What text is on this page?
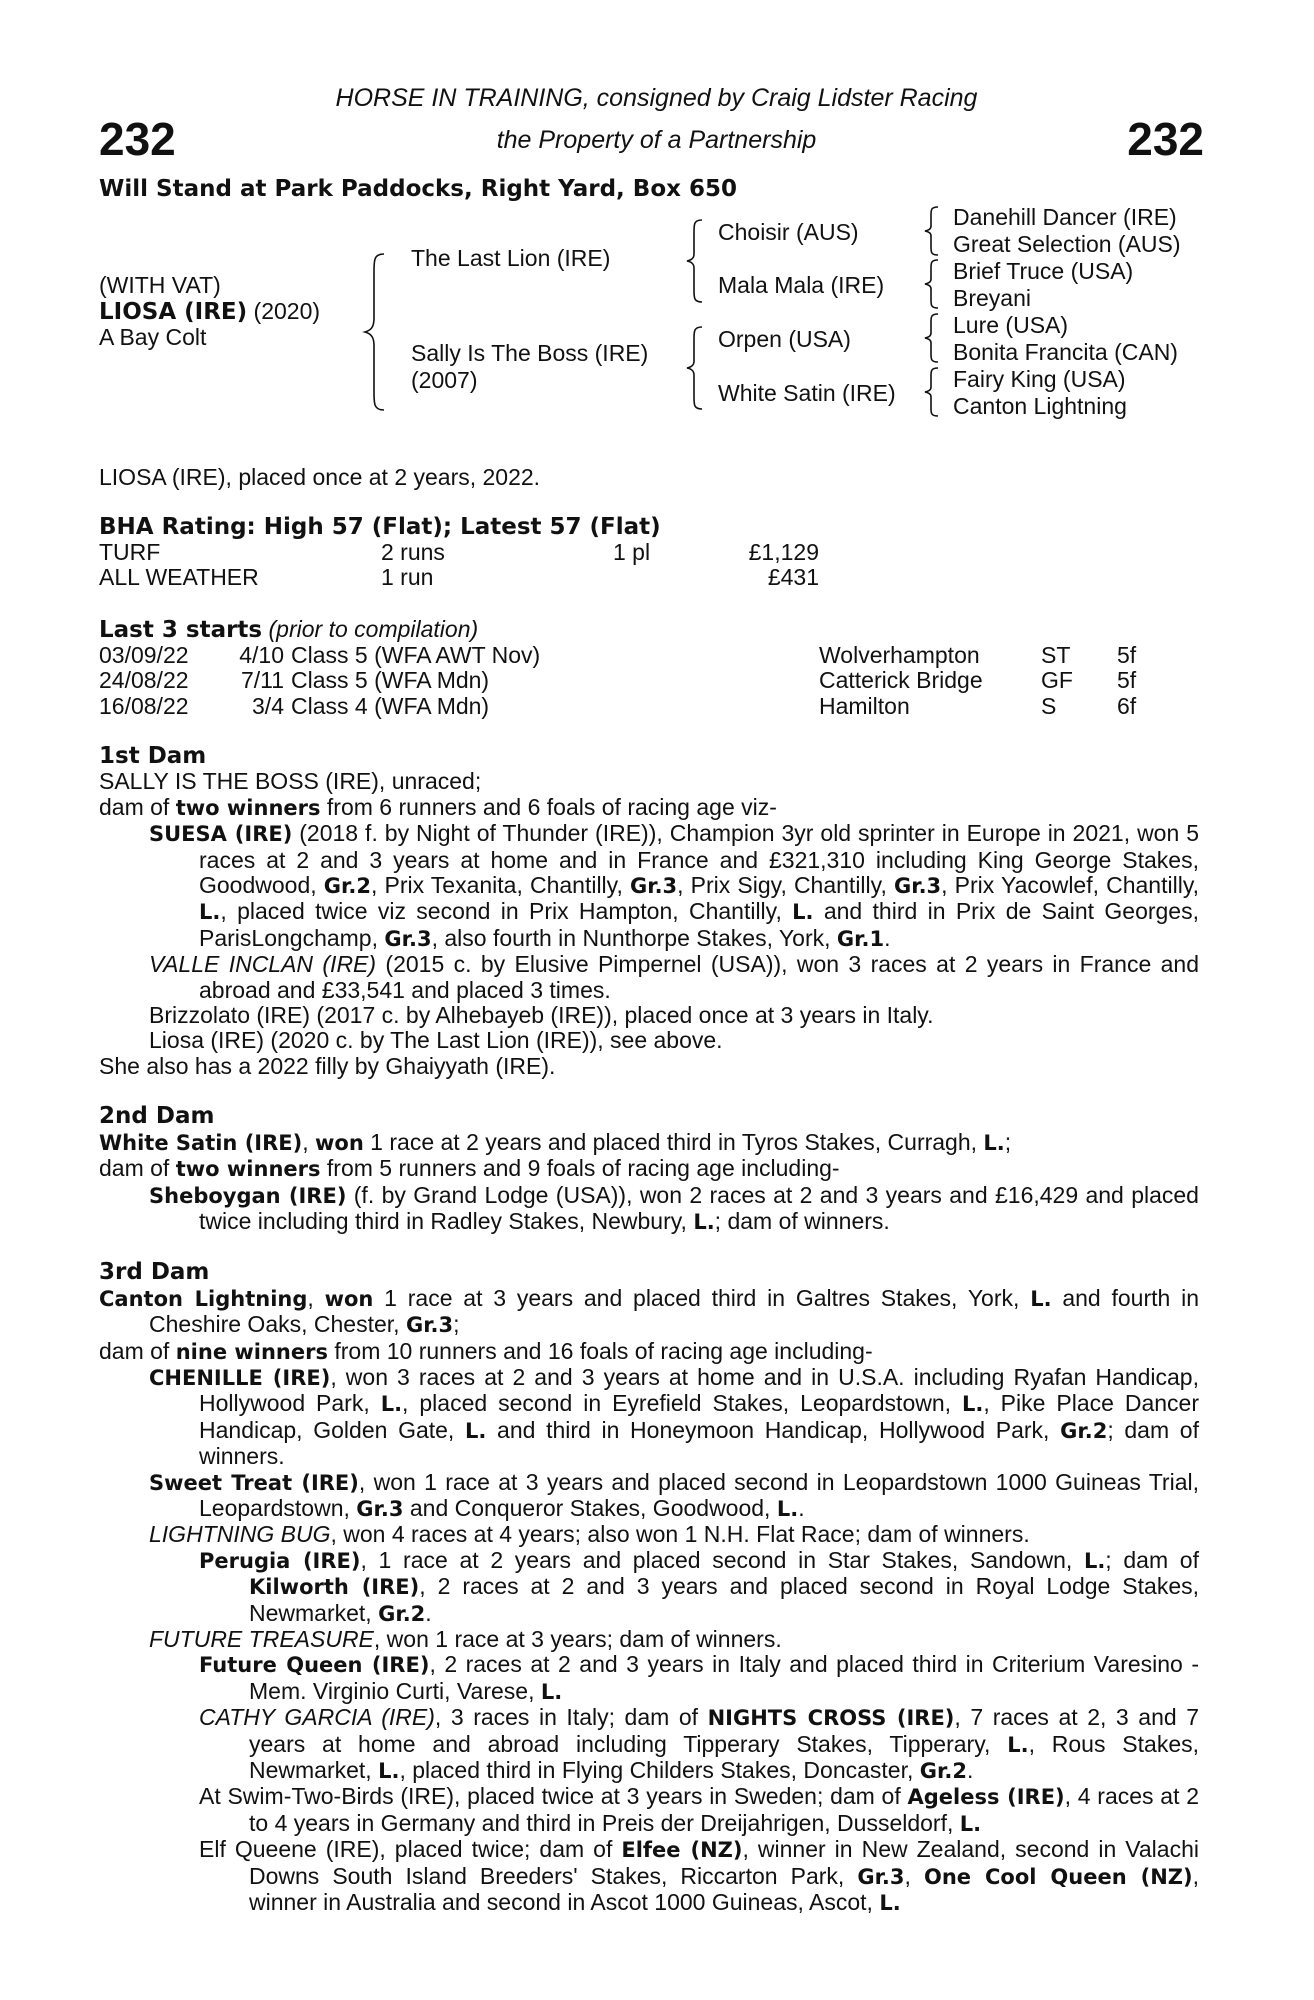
232	232
HORSE IN TRAINING, consigned by Craig Lidster Racing
the Property of a Partnership
Will Stand at Park Paddocks, Right Yard, Box 650
(WITH VAT)
LIOSA (IRE) (2020)
A Bay Colt
The Last Lion (IRE)
Sally Is The Boss (IRE)
(2007)
Choisir (AUS)
Mala Mala (IRE)
Orpen (USA)
White Satin (IRE)
Danehill Dancer (IRE)
Great Selection (AUS)
Brief Truce (USA)
Breyani
Lure (USA)
Bonita Francita (CAN)
Fairy King (USA)
Canton Lightning
LIOSA (IRE), placed once at 2 years, 2022.
BHA Rating: High 57 (Flat); Latest 57 (Flat)
TURF	2 runs	1 pl	£1,129
ALL WEATHER	1 run	£431
Last 3 starts (prior to compilation)
03/09/22	4/10 Class 5 (WFA AWT Nov)	Wolverhampton	ST 5f
24/08/22	7/11 Class 5 (WFA Mdn)	Catterick Bridge	GF 5f
16/08/22	3/4 Class 4 (WFA Mdn)	Hamilton	S	6f

1st Dam

SALLY IS THE BOSS (IRE), unraced;

dam of two winners from 6 runners and 6 foals of racing age viz-

SUESA (IRE) (2018 f. by Night of Thunder (IRE)), Champion 3yr old sprinter in Europe in 2021, won 5 races at 2 and 3 years at home and in France and £321,310 including King George Stakes, Goodwood, Gr.2, Prix Texanita, Chantilly, Gr.3, Prix Sigy, Chantilly, Gr.3, Prix Yacowlef, Chantilly, L., placed twice viz second in Prix Hampton, Chantilly, L. and third in Prix de Saint Georges, ParisLongchamp, Gr.3, also fourth in Nunthorpe Stakes, York, Gr.1.

VALLE INCLAN (IRE) (2015 c. by Elusive Pimpernel (USA)), won 3 races at 2 years in France and abroad and £33,541 and placed 3 times.

Brizzolato (IRE) (2017 c. by Alhebayeb (IRE)), placed once at 3 years in Italy.

Liosa (IRE) (2020 c. by The Last Lion (IRE)), see above.

She also has a 2022 filly by Ghaiyyath (IRE).

2nd Dam

White Satin (IRE), won 1 race at 2 years and placed third in Tyros Stakes, Curragh, L.;

dam of two winners from 5 runners and 9 foals of racing age including-

Sheboygan (IRE) (f. by Grand Lodge (USA)), won 2 races at 2 and 3 years and £16,429 and placed twice including third in Radley Stakes, Newbury, L.; dam of winners.

3rd Dam

Canton Lightning, won 1 race at 3 years and placed third in Galtres Stakes, York, L. and fourth in Cheshire Oaks, Chester, Gr.3;

dam of nine winners from 10 runners and 16 foals of racing age including-

CHENILLE (IRE), won 3 races at 2 and 3 years at home and in U.S.A. including Ryafan Handicap, Hollywood Park, L., placed second in Eyrefield Stakes, Leopardstown, L., Pike Place Dancer Handicap, Golden Gate, L. and third in Honeymoon Handicap, Hollywood Park, Gr.2; dam of winners.

Sweet Treat (IRE), won 1 race at 3 years and placed second in Leopardstown 1000 Guineas Trial, Leopardstown, Gr.3 and Conqueror Stakes, Goodwood, L..

LIGHTNING BUG, won 4 races at 4 years; also won 1 N.H. Flat Race; dam of winners.

Perugia (IRE), 1 race at 2 years and placed second in Star Stakes, Sandown, L.; dam of Kilworth (IRE), 2 races at 2 and 3 years and placed second in Royal Lodge Stakes, Newmarket, Gr.2.

FUTURE TREASURE, won 1 race at 3 years; dam of winners.

Future Queen (IRE), 2 races at 2 and 3 years in Italy and placed third in Criterium Varesino - Mem. Virginio Curti, Varese, L.

CATHY GARCIA (IRE), 3 races in Italy; dam of NIGHTS CROSS (IRE), 7 races at 2, 3 and 7 years at home and abroad including Tipperary Stakes, Tipperary, L., Rous Stakes, Newmarket, L., placed third in Flying Childers Stakes, Doncaster, Gr.2.

At Swim-Two-Birds (IRE), placed twice at 3 years in Sweden; dam of Ageless (IRE), 4 races at 2 to 4 years in Germany and third in Preis der Dreijahrigen, Dusseldorf, L.

Elf Queene (IRE), placed twice; dam of Elfee (NZ), winner in New Zealand, second in Valachi Downs South Island Breeders' Stakes, Riccarton Park, Gr.3, One Cool Queen (NZ), winner in Australia and second in Ascot 1000 Guineas, Ascot, L.
